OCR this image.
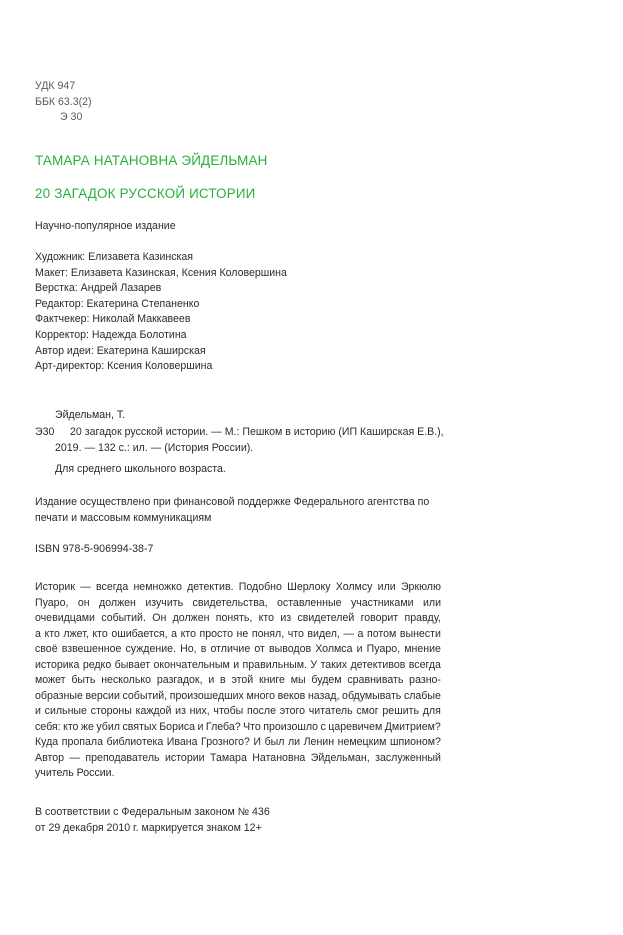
УДК 947
ББК 63.3(2)
Э 30
ТАМАРА НАТАНОВНА ЭЙДЕЛЬМАН
20 ЗАГАДОК РУССКОЙ ИСТОРИИ
Научно-популярное издание
Художник: Елизавета Казинская
Макет: Елизавета Казинская, Ксения Коловершина
Верстка: Андрей Лазарев
Редактор: Екатерина Степаненко
Фактчекер: Николай Маккавеев
Корректор: Надежда Болотина
Автор идеи: Екатерина Каширская
Арт-директор: Ксения Коловершина
Эйдельман, Т.
Э30 20 загадок русской истории. — М.: Пешком в историю (ИП Каширская Е.В.),
2019. — 132 с.: ил. — (История России).
Для среднего школьного возраста.
Издание осуществлено при финансовой поддержке Федерального агентства по
печати и массовым коммуникациям
ISBN 978-5-906994-38-7
Историк — всегда немножко детектив. Подобно Шерлоку Холмсу или Эркюлю
Пуаро, он должен изучить свидетельства, оставленные участниками или
очевидцами событий. Он должен понять, кто из свидетелей говорит правду,
а кто лжет, кто ошибается, а кто просто не понял, что видел, — а потом вынести
своё взвешенное суждение. Но, в отличие от выводов Холмса и Пуаро, мнение
историка редко бывает окончательным и правильным. У таких детективов всегда
может быть несколько разгадок, и в этой книге мы будем сравнивать разно-
образные версии событий, произошедших много веков назад, обдумывать слабые
и сильные стороны каждой из них, чтобы после этого читатель смог решить для
себя: кто же убил святых Бориса и Глеба? Что произошло с царевичем Дмитрием?
Куда пропала библиотека Ивана Грозного? И был ли Ленин немецким шпионом?
Автор — преподаватель истории Тамара Натановна Эйдельман, заслуженный
учитель России.
В соответствии с Федеральным законом № 436
от 29 декабря 2010 г. маркируется знаком 12+
